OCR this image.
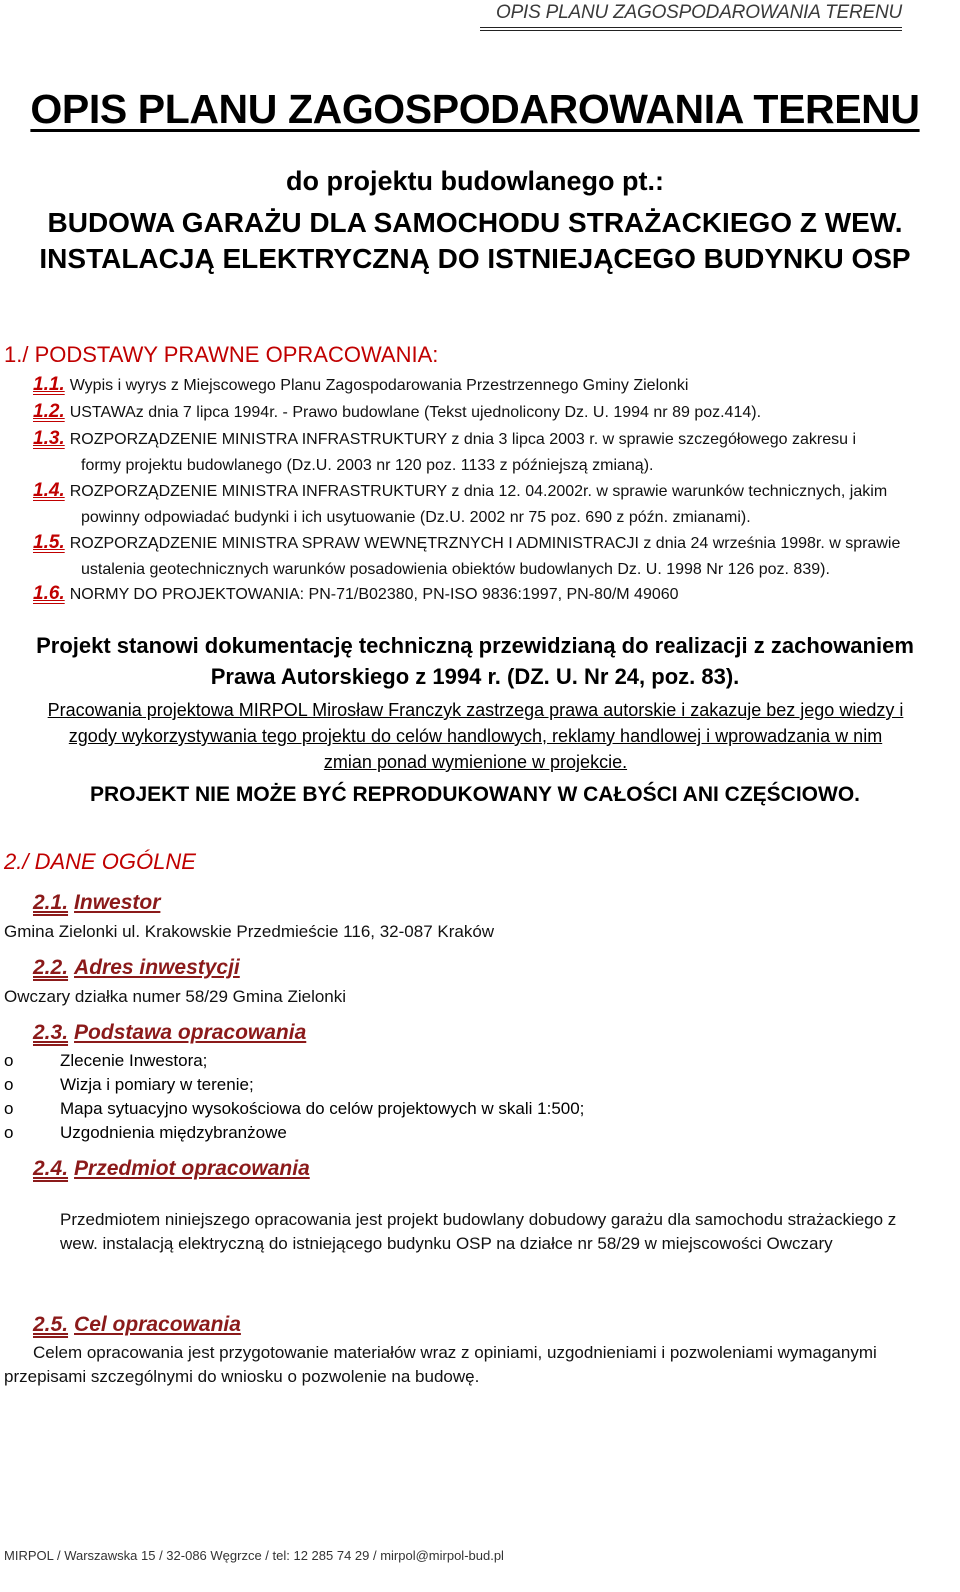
OPIS PLANU ZAGOSPODAROWANIA TERENU
OPIS PLANU ZAGOSPODAROWANIA TERENU
do projektu budowlanego pt.:
BUDOWA GARAŻU DLA SAMOCHODU STRAŻACKIEGO Z WEW.
INSTALACJĄ ELEKTRYCZNĄ DO ISTNIEJĄCEGO BUDYNKU OSP
1./ PODSTAWY PRAWNE OPRACOWANIA:
1.1. Wypis i wyrys z Miejscowego Planu Zagospodarowania Przestrzennego Gminy Zielonki
1.2. USTAWAz dnia 7 lipca 1994r. - Prawo budowlane (Tekst ujednolicony Dz. U. 1994 nr 89 poz.414).
1.3. ROZPORZĄDZENIE MINISTRA INFRASTRUKTURY z dnia 3 lipca 2003 r. w sprawie szczegółowego zakresu i
formy projektu budowlanego (Dz.U. 2003 nr 120 poz. 1133 z późniejszą zmianą).
1.4. ROZPORZĄDZENIE MINISTRA INFRASTRUKTURY z dnia 12. 04.2002r. w sprawie warunków technicznych, jakim
powinny odpowiadać budynki i ich usytuowanie (Dz.U. 2002 nr 75 poz. 690 z późn. zmianami).
1.5. ROZPORZĄDZENIE MINISTRA SPRAW WEWNĘTRZNYCH I ADMINISTRACJI z dnia 24 września 1998r. w sprawie
ustalenia geotechnicznych warunków posadowienia obiektów budowlanych Dz. U. 1998 Nr 126 poz. 839).
1.6. NORMY DO PROJEKTOWANIA: PN-71/B02380, PN-ISO 9836:1997, PN-80/M 49060
Projekt stanowi dokumentację techniczną przewidzianą do realizacji z zachowaniem
Prawa Autorskiego z 1994 r. (DZ. U. Nr 24, poz. 83).
Pracowania projektowa MIRPOL Mirosław Franczyk zastrzega prawa autorskie i zakazuje bez jego wiedzy i
zgody wykorzystywania tego projektu do celów handlowych, reklamy handlowej i wprowadzania w nim
zmian ponad wymienione w projekcie.
PROJEKT NIE MOŻE BYĆ REPRODUKOWANY W CAŁOŚCI ANI CZĘŚCIOWO.
2./ DANE OGÓLNE
2.1. Inwestor
Gmina Zielonki ul. Krakowskie Przedmieście 116, 32-087 Kraków
2.2. Adres inwestycji
Owczary działka numer 58/29 Gmina Zielonki
2.3. Podstawa opracowania
o	Zlecenie Inwestora;
o	Wizja i pomiary w terenie;
o	Mapa sytuacyjno wysokościowa do celów projektowych w skali 1:500;
o	Uzgodnienia międzybranżowe
2.4. Przedmiot opracowania
Przedmiotem niniejszego opracowania jest projekt budowlany dobudowy garażu dla samochodu strażackiego z
wew. instalacją elektryczną do istniejącego budynku OSP na działce nr 58/29 w miejscowości Owczary
2.5. Cel opracowania
Celem opracowania jest przygotowanie materiałów wraz z opiniami, uzgodnieniami i pozwoleniami wymaganymi
przepisami szczególnymi do wniosku o pozwolenie na budowę.
MIRPOL / Warszawska 15 / 32-086 Węgrzce / tel: 12 285 74 29 / mirpol@mirpol-bud.pl
